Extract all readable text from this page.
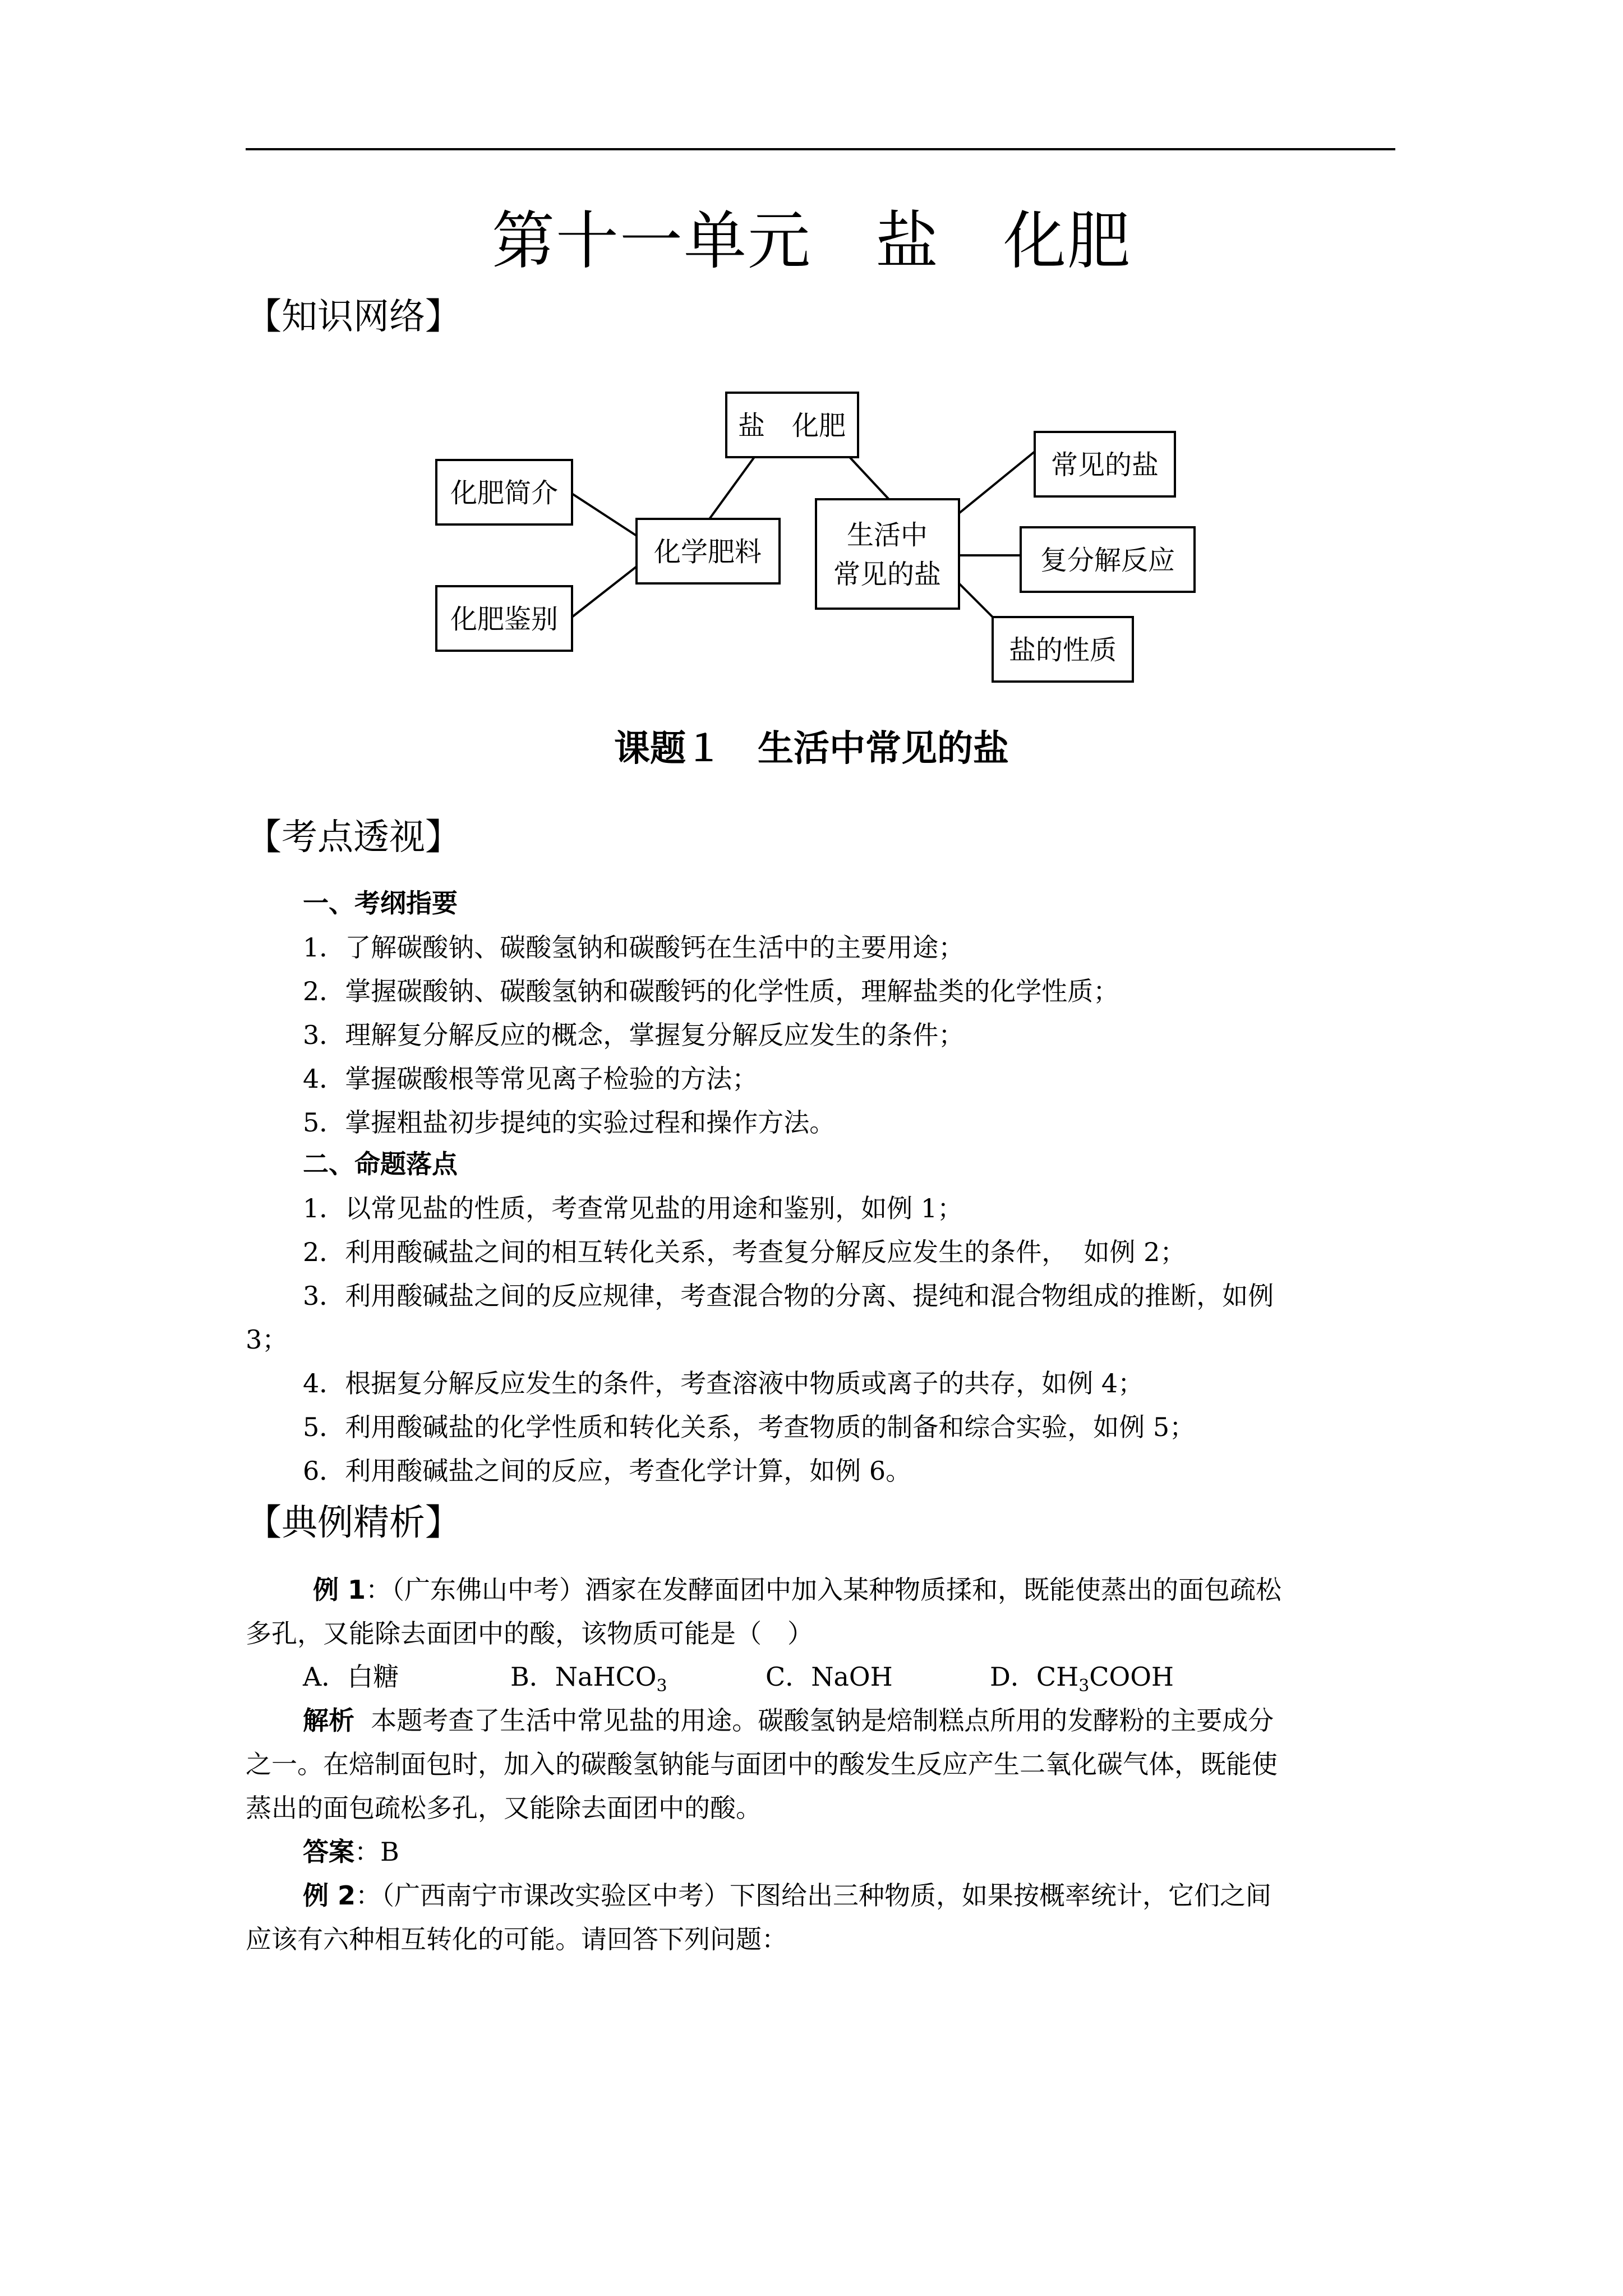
第十一单元　盐　化肥
【知识网络】
盐　化肥
化学肥料
化肥简介
化肥鉴别
生活中
常见的盐
常见的盐
复分解反应
盐的性质
课题１　生活中常见的盐
【考点透视】
一、考纲指要
1．了解碳酸钠、碳酸氢钠和碳酸钙在生活中的主要用途；
2．掌握碳酸钠、碳酸氢钠和碳酸钙的化学性质，理解盐类的化学性质；
3．理解复分解反应的概念，掌握复分解反应发生的条件；
4．掌握碳酸根等常见离子检验的方法；
5．掌握粗盐初步提纯的实验过程和操作方法。
二、命题落点
1．以常见盐的性质，考查常见盐的用途和鉴别，如例 1；
2．利用酸碱盐之间的相互转化关系，考查复分解反应发生的条件，  如例 2；
3．利用酸碱盐之间的反应规律，考查混合物的分离、提纯和混合物组成的推断，如例
3；
4．根据复分解反应发生的条件，考查溶液中物质或离子的共存，如例 4；
5．利用酸碱盐的化学性质和转化关系，考查物质的制备和综合实验，如例 5；
6．利用酸碱盐之间的反应，考查化学计算，如例 6。
【典例精析】
例 1：（广东佛山中考）酒家在发酵面团中加入某种物质揉和，既能使蒸出的面包疏松
多孔，又能除去面团中的酸，该物质可能是（　）
A．白糖	B．NaHCO$_3$	C．NaOH	D．$CH_3COOH$
解析  本题考查了生活中常见盐的用途。碳酸氢钠是焙制糕点所用的发酵粉的主要成分
之一。在焙制面包时，加入的碳酸氢钠能与面团中的酸发生反应产生二氧化碳气体，既能使
蒸出的面包疏松多孔，又能除去面团中的酸。
答案：B
例 2：（广西南宁市课改实验区中考）下图给出三种物质，如果按概率统计，它们之间
应该有六种相互转化的可能。请回答下列问题：
